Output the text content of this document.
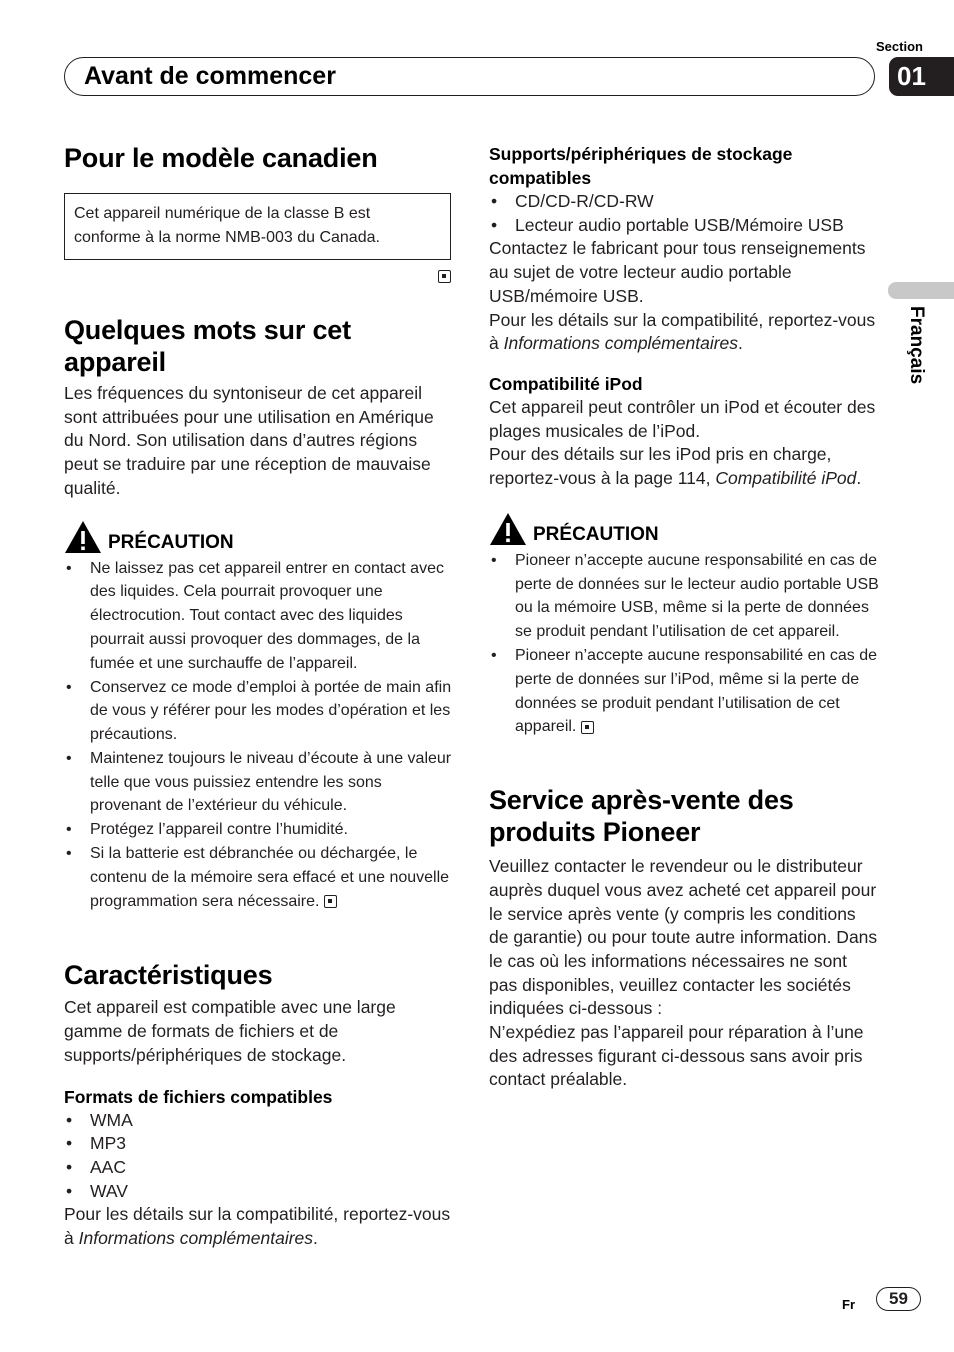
Section
01
Avant de commencer
Français
Pour le modèle canadien
Cet appareil numérique de la classe B est conforme à la norme NMB-003 du Canada.
Quelques mots sur cet appareil

Les fréquences du syntoniseur de cet appareil sont attribuées pour une utilisation en Amérique du Nord. Son utilisation dans d’autres régions peut se traduire par une réception de mauvaise qualité.

PRÉCAUTION
• Ne laissez pas cet appareil entrer en contact avec des liquides. Cela pourrait provoquer une électrocution. Tout contact avec des liquides pourrait aussi provoquer des dommages, de la fumée et une surchauffe de l’appareil.
• Conservez ce mode d’emploi à portée de main afin de vous y référer pour les modes d’opération et les précautions.
• Maintenez toujours le niveau d’écoute à une valeur telle que vous puissiez entendre les sons provenant de l’extérieur du véhicule.
• Protégez l’appareil contre l’humidité.
• Si la batterie est débranchée ou déchargée, le contenu de la mémoire sera effacé et une nouvelle programmation sera nécessaire.
Caractéristiques

Cet appareil est compatible avec une large gamme de formats de fichiers et de supports/périphériques de stockage.

Formats de fichiers compatibles
• WMA
• MP3
• AAC
• WAV

Pour les détails sur la compatibilité, reportez-vous à Informations complémentaires.

Supports/périphériques de stockage compatibles
• CD/CD-R/CD-RW
• Lecteur audio portable USB/Mémoire USB

Contactez le fabricant pour tous renseignements au sujet de votre lecteur audio portable USB/mémoire USB.

Pour les détails sur la compatibilité, reportez-vous à Informations complémentaires.

Compatibilité iPod

Cet appareil peut contrôler un iPod et écouter des plages musicales de l’iPod.

Pour des détails sur les iPod pris en charge, reportez-vous à la page 114, Compatibilité iPod.

PRÉCAUTION
• Pioneer n’accepte aucune responsabilité en cas de perte de données sur le lecteur audio portable USB ou la mémoire USB, même si la perte de données se produit pendant l’utilisation de cet appareil.
• Pioneer n’accepte aucune responsabilité en cas de perte de données sur l’iPod, même si la perte de données se produit pendant l’utilisation de cet appareil.
Service après-vente des produits Pioneer

Veuillez contacter le revendeur ou le distributeur auprès duquel vous avez acheté cet appareil pour le service après vente (y compris les conditions de garantie) ou pour toute autre information. Dans le cas où les informations nécessaires ne sont pas disponibles, veuillez contacter les sociétés indiquées ci-dessous :

N’expédiez pas l’appareil pour réparation à l’une des adresses figurant ci-dessous sans avoir pris contact préalable.

Fr	59
